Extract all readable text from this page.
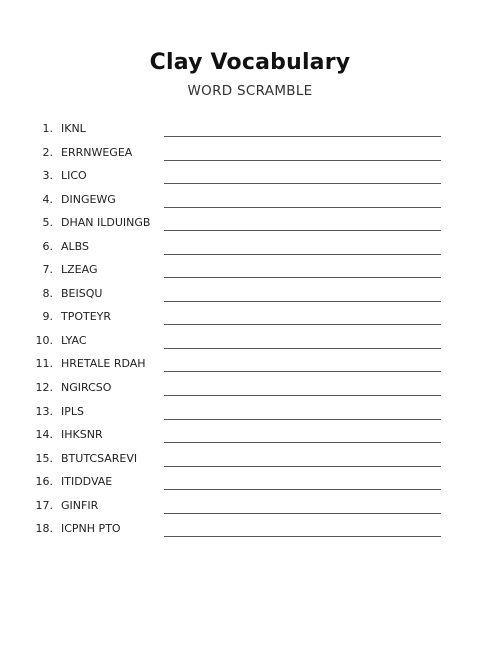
Clay Vocabulary
WORD SCRAMBLE
1. IKNL
2. ERRNWEGEA
3. LICO
4. DINGEWG
5. DHAN ILDUINGB
6. ALBS
7. LZEAG
8. BEISQU
9. TPOTEYR
10. LYAC
11. HRETALE RDAH
12. NGIRCSO
13. IPLS
14. IHKSNR
15. BTUTCSAREVI
16. ITIDDVAE
17. GINFIR
18. ICPNH PTO
